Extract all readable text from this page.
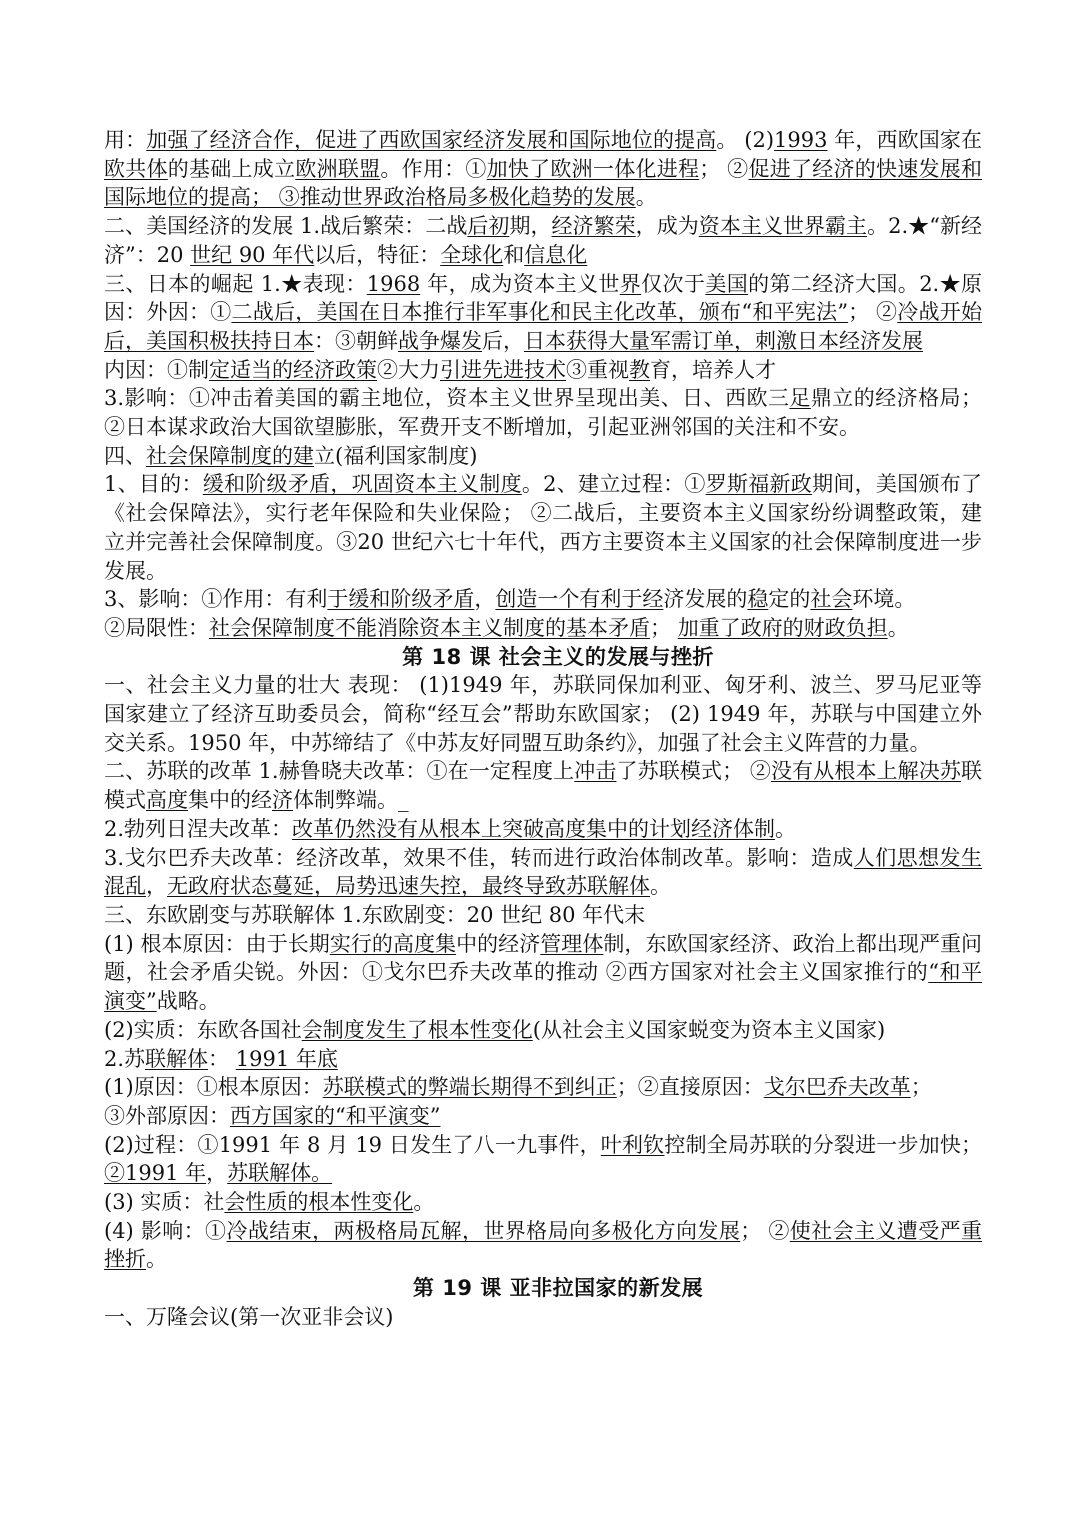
用：加强了经济合作，促进了西欧国家经济发展和国际地位的提高。 (2)1993 年，西欧国家在欧共体的基础上成立欧洲联盟。作用：①加快了欧洲一体化进程； ②促进了经济的快速发展和国际地位的提高； ③推动世界政治格局多极化趋势的发展。
二、美国经济的发展 1.战后繁荣：二战后初期，经济繁荣，成为资本主义世界霸主。2.★“新经济”：20 世纪 90 年代以后，特征：全球化和信息化
三、日本的崛起 1.★表现：1968 年，成为资本主义世界仅次于美国的第二经济大国。2.★原因：外因：①二战后，美国在日本推行非军事化和民主化改革，颁布“和平宪法”； ②冷战开始后，美国积极扶持日本：③朝鲜战争爆发后，日本获得大量军需订单，刺激日本经济发展
内因：①制定适当的经济政策②大力引进先进技术③重视教育，培养人才
3.影响：①冲击着美国的霸主地位，资本主义世界呈现出美、日、西欧三足鼎立的经济格局； ②日本谋求政治大国欲望膨胀，军费开支不断增加，引起亚洲邻国的关注和不安。
四、社会保障制度的建立(福利国家制度)
1、目的：缓和阶级矛盾，巩固资本主义制度。2、建立过程：①罗斯福新政期间，美国颁布了《社会保障法》，实行老年保险和失业保险； ②二战后，主要资本主义国家纷纷调整政策，建立并完善社会保障制度。③20 世纪六七十年代，西方主要资本主义国家的社会保障制度进一步发展。
3、影响：①作用：有利于缓和阶级矛盾，创造一个有利于经济发展的稳定的社会环境。
②局限性：社会保障制度不能消除资本主义制度的基本矛盾； 加重了政府的财政负担。
第 18 课 社会主义的发展与挫折
一、社会主义力量的壮大 表现： (1)1949 年，苏联同保加利亚、匈牙利、波兰、罗马尼亚等国家建立了经济互助委员会，简称“经互会”帮助东欧国家； (2) 1949 年，苏联与中国建立外交关系。1950 年，中苏缔结了《中苏友好同盟互助条约》，加强了社会主义阵营的力量。
二、苏联的改革 1.赫鲁晓夫改革：①在一定程度上冲击了苏联模式； ②没有从根本上解决苏联模式高度集中的经济体制弊端。_
2.勃列日涅夫改革：改革仍然没有从根本上突破高度集中的计划经济体制。
3.戈尔巴乔夫改革：经济改革，效果不佳，转而进行政治体制改革。影响：造成人们思想发生混乱，无政府状态蔓延，局势迅速失控，最终导致苏联解体。
三、东欧剧变与苏联解体 1.东欧剧变：20 世纪 80 年代末
(1) 根本原因：由于长期实行的高度集中的经济管理体制，东欧国家经济、政治上都出现严重问题，社会矛盾尖锐。外因：①戈尔巴乔夫改革的推动 ②西方国家对社会主义国家推行的“和平演变”战略。
(2)实质：东欧各国社会制度发生了根本性变化(从社会主义国家蜕变为资本主义国家)
2.苏联解体： 1991 年底
(1)原因：①根本原因：苏联模式的弊端长期得不到纠正；②直接原因：戈尔巴乔夫改革；
③外部原因：西方国家的“和平演变”
(2)过程：①1991 年 8 月 19 日发生了八一九事件，叶利钦控制全局苏联的分裂进一步加快； ②1991 年，苏联解体。
(3) 实质：社会性质的根本性变化。
(4) 影响：①冷战结束，两极格局瓦解，世界格局向多极化方向发展； ②使社会主义遭受严重挫折。
第 19 课 亚非拉国家的新发展
一、万隆会议(第一次亚非会议)
